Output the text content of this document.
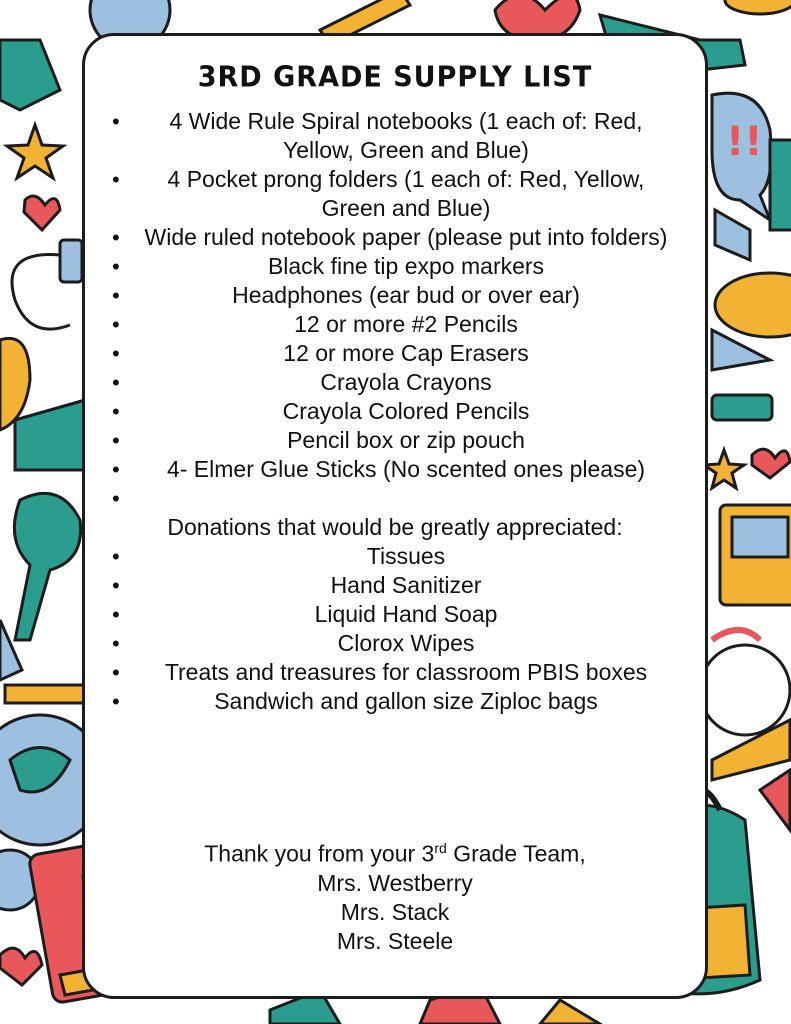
!!
3RD GRADE SUPPLY LIST
• 4 Wide Rule Spiral notebooks (1 each of: Red, Yellow, Green and Blue)
• 4 Pocket prong folders (1 each of: Red, Yellow, Green and Blue)
• Wide ruled notebook paper (please put into folders)
• Black fine tip expo markers
• Headphones (ear bud or over ear)
• 12 or more #2 Pencils
• 12 or more Cap Erasers
• Crayola Crayons
• Crayola Colored Pencils
• Pencil box or zip pouch
• 4- Elmer Glue Sticks (No scented ones please)
•
Donations that would be greatly appreciated:
• Tissues
• Hand Sanitizer
• Liquid Hand Soap
• Clorox Wipes
• Treats and treasures for classroom PBIS boxes
• Sandwich and gallon size Ziploc bags
Thank you from your 3rd Grade Team,
Mrs. Westberry
Mrs. Stack
Mrs. Steele
